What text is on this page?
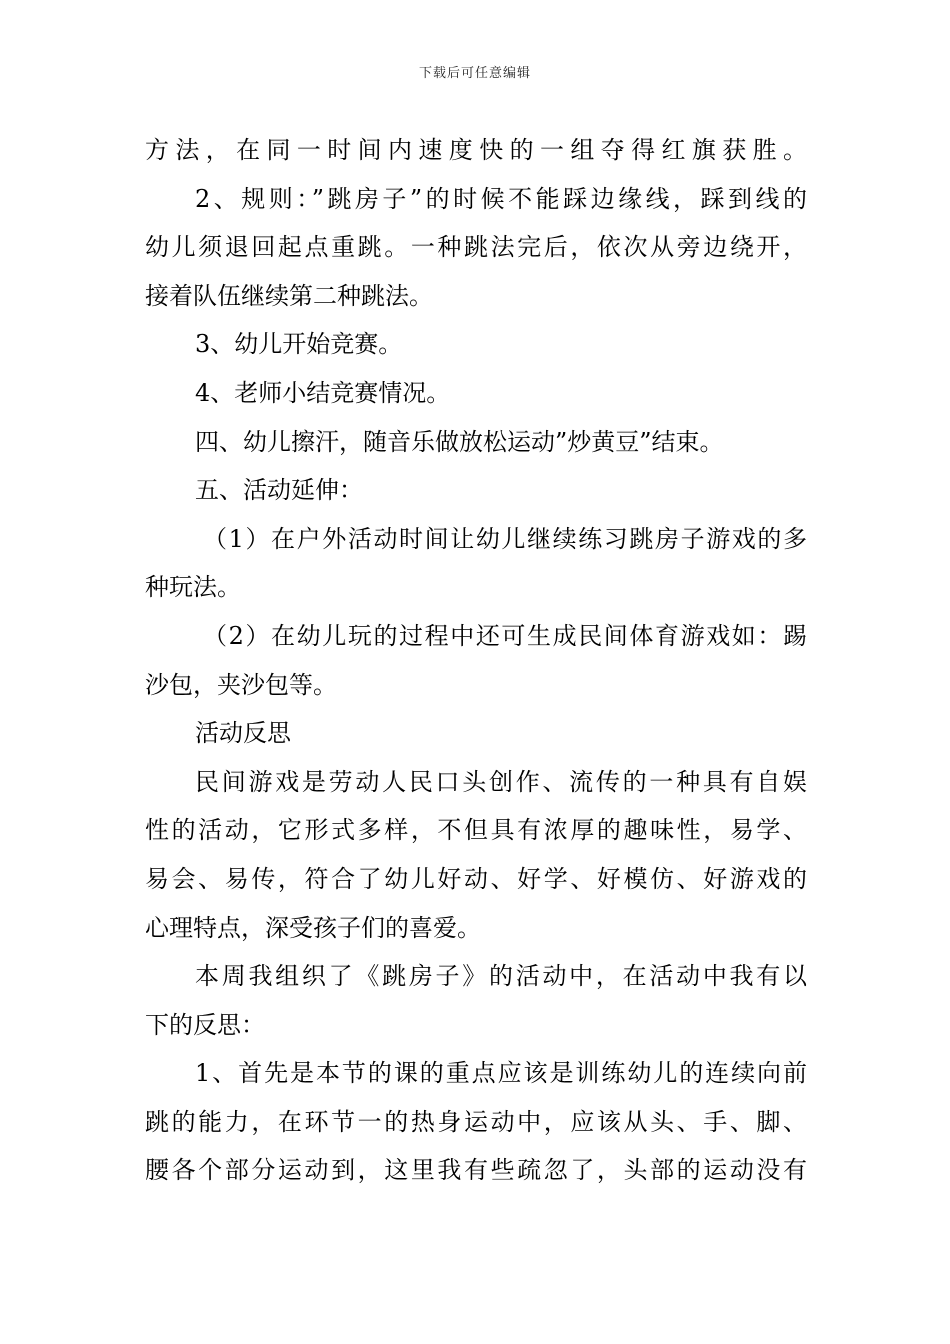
下载后可任意编辑
方法，在同一时间内速度快的一组夺得红旗获胜。
2、规则：”跳房子”的时候不能踩边缘线，踩到线的
幼儿须退回起点重跳。一种跳法完后，依次从旁边绕开，
接着队伍继续第二种跳法。
3、幼儿开始竞赛。
4、老师小结竞赛情况。
四、幼儿擦汗，随音乐做放松运动”炒黄豆”结束。
五、活动延伸：
（1）在户外活动时间让幼儿继续练习跳房子游戏的多
种玩法。
（2）在幼儿玩的过程中还可生成民间体育游戏如：踢
沙包，夹沙包等。
活动反思
民间游戏是劳动人民口头创作、流传的一种具有自娱
性的活动，它形式多样，不但具有浓厚的趣味性，易学、
易会、易传，符合了幼儿好动、好学、好模仿、好游戏的
心理特点，深受孩子们的喜爱。
本周我组织了《跳房子》的活动中，在活动中我有以
下的反思：
1、首先是本节的课的重点应该是训练幼儿的连续向前
跳的能力，在环节一的热身运动中，应该从头、手、脚、
腰各个部分运动到，这里我有些疏忽了，头部的运动没有
